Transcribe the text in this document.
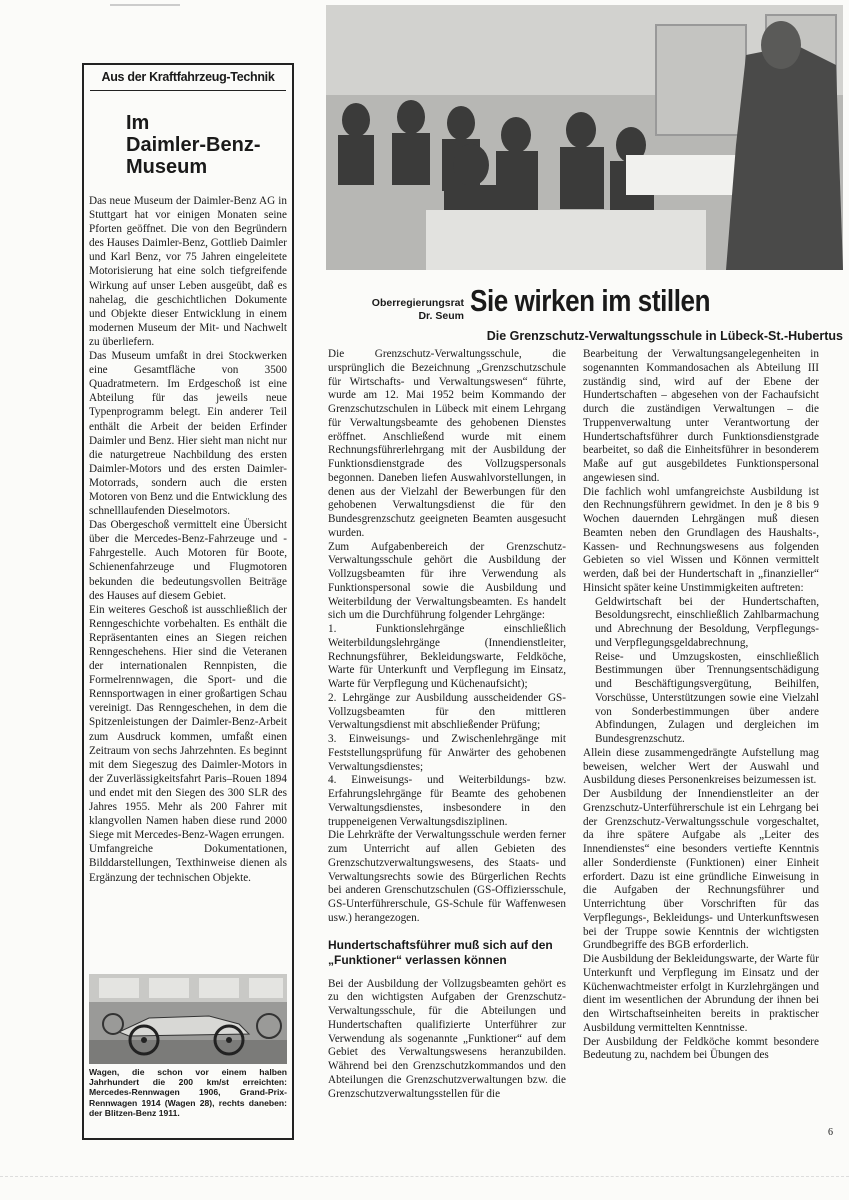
Aus der Kraftfahrzeug-Technik
Im
Daimler-Benz-
Museum

Das neue Museum der Daimler-Benz AG in Stuttgart hat vor einigen Monaten seine Pforten geöffnet. Die von den Begründern des Hauses Daimler-Benz, Gottlieb Daimler und Karl Benz, vor 75 Jahren eingeleitete Motorisierung hat eine solch tiefgreifende Wirkung auf unser Leben ausgeübt, daß es nahelag, die geschichtlichen Dokumente und Objekte dieser Entwicklung in einem modernen Museum der Mit- und Nachwelt zu überliefern.

Das Museum umfaßt in drei Stockwerken eine Gesamtfläche von 3500 Quadratmetern. Im Erdgeschoß ist eine Abteilung für das jeweils neue Typenprogramm belegt. Ein anderer Teil enthält die Arbeit der beiden Erfinder Daimler und Benz. Hier sieht man nicht nur die naturgetreue Nachbildung des ersten Daimler-Motors und des ersten Daimler-Motorrads, sondern auch die ersten Motoren von Benz und die Entwicklung des schnelllaufenden Dieselmotors.

Das Obergeschoß vermittelt eine Übersicht über die Mercedes-Benz-Fahrzeuge und -Fahrgestelle. Auch Motoren für Boote, Schienenfahrzeuge und Flugmotoren bekunden die bedeutungsvollen Beiträge des Hauses auf diesem Gebiet.

Ein weiteres Geschoß ist ausschließlich der Renngeschichte vorbehalten. Es enthält die Repräsentanten eines an Siegen reichen Renngeschehens. Hier sind die Veteranen der internationalen Rennpisten, die Formelrennwagen, die Sport- und die Rennsportwagen in einer großartigen Schau vereinigt. Das Renngeschehen, in dem die Spitzenleistungen der Daimler-Benz-Arbeit zum Ausdruck kommen, umfaßt einen Zeitraum von sechs Jahrzehnten. Es beginnt mit dem Siegeszug des Daimler-Motors in der Zuverlässigkeitsfahrt Paris–Rouen 1894 und endet mit den Siegen des 300 SLR des Jahres 1955. Mehr als 200 Fahrer mit klangvollen Namen haben diese rund 2000 Siege mit Mercedes-Benz-Wagen errungen.

Umfangreiche Dokumentationen, Bilddarstellungen, Texthinweise dienen als Ergänzung der technischen Objekte.

Wagen, die schon vor einem halben Jahrhundert die 200 km/st erreichten: Mercedes-Rennwagen 1906, Grand-Prix-Rennwagen 1914 (Wagen 28), rechts daneben: der Blitzen-Benz 1911.
Oberregierungsrat
Dr. Seum Sie wirken im stillen
Die Grenzschutz-Verwaltungsschule in Lübeck-St.-Hubertus

Die Grenzschutz-Verwaltungsschule, die ursprünglich die Bezeichnung „Grenzschutzschule für Wirtschafts- und Verwaltungswesen“ führte, wurde am 12. Mai 1952 beim Kommando der Grenzschutzschulen in Lübeck mit einem Lehrgang für Verwaltungsbeamte des gehobenen Dienstes eröffnet. Anschließend wurde mit einem Rechnungsführerlehrgang mit der Ausbildung der Funktionsdienstgrade des Vollzugspersonals begonnen. Daneben liefen Auswahlvorstellungen, in denen aus der Vielzahl der Bewerbungen für den gehobenen Verwaltungsdienst die für den Bundesgrenzschutz geeigneten Beamten ausgesucht wurden.

Zum Aufgabenbereich der Grenzschutz-Verwaltungsschule gehört die Ausbildung der Vollzugsbeamten für ihre Verwendung als Funktionspersonal sowie die Ausbildung und Weiterbildung der Verwaltungsbeamten. Es handelt sich um die Durchführung folgender Lehrgänge:

1. Funktionslehrgänge einschließlich Weiterbildungslehrgänge (Innendienstleiter, Rechnungsführer, Bekleidungswarte, Feldköche, Warte für Unterkunft und Verpflegung im Einsatz, Warte für Verpflegung und Küchenaufsicht);

2. Lehrgänge zur Ausbildung ausscheidender GS-Vollzugsbeamten für den mittleren Verwaltungsdienst mit abschließender Prüfung;

3. Einweisungs- und Zwischenlehrgänge mit Feststellungsprüfung für Anwärter des gehobenen Verwaltungsdienstes;

4. Einweisungs- und Weiterbildungs- bzw. Erfahrungslehrgänge für Beamte des gehobenen Verwaltungsdienstes, insbesondere in den truppeneigenen Verwaltungsdisziplinen.

Die Lehrkräfte der Verwaltungsschule werden ferner zum Unterricht auf allen Gebieten des Grenzschutzverwaltungswesens, des Staats- und Verwaltungsrechts sowie des Bürgerlichen Rechts bei anderen Grenschutzschulen (GS-Offiziersschule, GS-Unterführerschule, GS-Schule für Waffenwesen usw.) herangezogen.

Hundertschaftsführer muß sich auf den „Funktioner“ verlassen können

Bei der Ausbildung der Vollzugsbeamten gehört es zu den wichtigsten Aufgaben der Grenzschutz-Verwaltungsschule, für die Abteilungen und Hundertschaften qualifizierte Unterführer zur Verwendung als sogenannte „Funktioner“ auf dem Gebiet des Verwaltungswesens heranzubilden. Während bei den Grenzschutzkommandos und den Abteilungen die Grenzschutzverwaltungen bzw. die Grenzschutzverwaltungsstellen für die

Bearbeitung der Verwaltungsangelegenheiten in sogenannten Kommandosachen als Abteilung III zuständig sind, wird auf der Ebene der Hundertschaften – abgesehen von der Fachaufsicht durch die zuständigen Verwaltungen – die Truppenverwaltung unter Verantwortung der Hundertschaftsführer durch Funktionsdienstgrade bearbeitet, so daß die Einheitsführer in besonderem Maße auf gut ausgebildetes Funktionspersonal angewiesen sind.

Die fachlich wohl umfangreichste Ausbildung ist den Rechnungsführern gewidmet. In den je 8 bis 9 Wochen dauernden Lehrgängen muß diesen Beamten neben den Grundlagen des Haushalts-, Kassen- und Rechnungswesens aus folgenden Gebieten so viel Wissen und Können vermittelt werden, daß bei der Hundertschaft in „finanzieller“ Hinsicht später keine Unstimmigkeiten auftreten:

Geldwirtschaft bei der Hundertschaften, Besoldungsrecht, einschließlich Zahlbarmachung und Abrechnung der Besoldung, Verpflegungs- und Verpflegungsgeldabrechnung,

Reise- und Umzugskosten, einschließlich Bestimmungen über Trennungsentschädigung und Beschäftigungsvergütung, Beihilfen, Vorschüsse, Unterstützungen sowie eine Vielzahl von Sonderbestimmungen über andere Abfindungen, Zulagen und dergleichen im Bundesgrenzschutz.

Allein diese zusammengedrängte Aufstellung mag beweisen, welcher Wert der Auswahl und Ausbildung dieses Personenkreises beizumessen ist.

Der Ausbildung der Innendienstleiter an der Grenzschutz-Unterführerschule ist ein Lehrgang bei der Grenzschutz-Verwaltungsschule vorgeschaltet, da ihre spätere Aufgabe als „Leiter des Innendienstes“ eine besonders vertiefte Kenntnis aller Sonderdienste (Funktionen) einer Einheit erfordert. Dazu ist eine gründliche Einweisung in die Aufgaben der Rechnungsführer und Unterrichtung über Vorschriften für das Verpflegungs-, Bekleidungs- und Unterkunftswesen bei der Truppe sowie Kenntnis der wichtigsten Grundbegriffe des BGB erforderlich.

Die Ausbildung der Bekleidungswarte, der Warte für Unterkunft und Verpflegung im Einsatz und der Küchenwachtmeister erfolgt in Kurzlehrgängen und dient im wesentlichen der Abrundung der ihnen bei den Wirtschaftseinheiten bereits in praktischer Ausbildung vermittelten Kenntnisse.

Der Ausbildung der Feldköche kommt besondere Bedeutung zu, nachdem bei Übungen des

6
